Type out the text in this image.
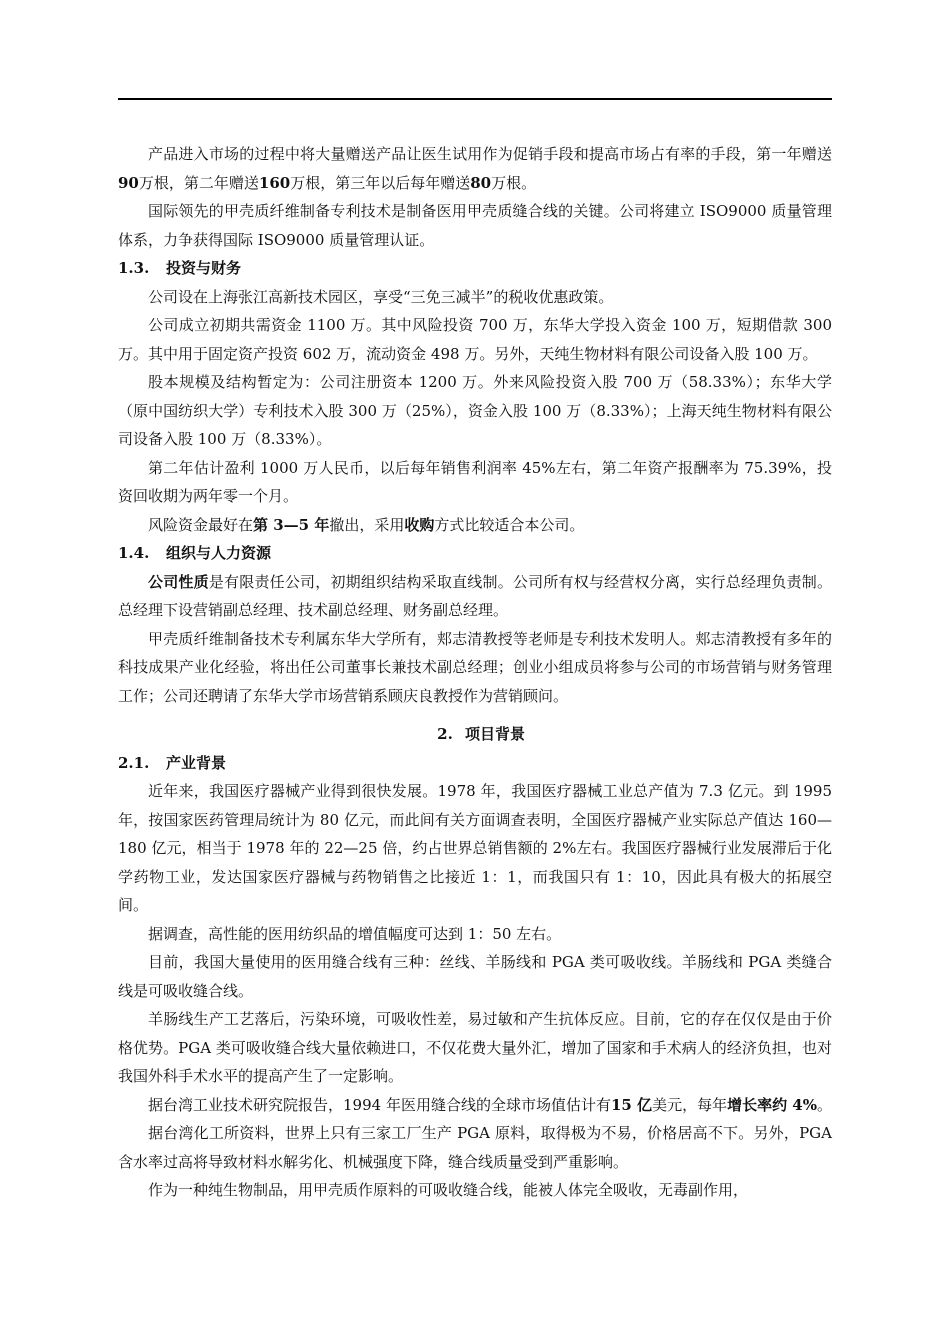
产品进入市场的过程中将大量赠送产品让医生试用作为促销手段和提高市场占有率的手段，第一年赠送90万根，第二年赠送160万根，第三年以后每年赠送80万根。

国际领先的甲壳质纤维制备专利技术是制备医用甲壳质缝合线的关键。公司将建立 ISO9000 质量管理体系，力争获得国际 ISO9000 质量管理认证。

1.3. 投资与财务

公司设在上海张江高新技术园区，享受“三免三减半”的税收优惠政策。

公司成立初期共需资金 1100 万。其中风险投资 700 万，东华大学投入资金 100 万，短期借款 300 万。其中用于固定资产投资 602 万，流动资金 498 万。另外，天纯生物材料有限公司设备入股 100 万。

股本规模及结构暂定为：公司注册资本 1200 万。外来风险投资入股 700 万（58.33%）；东华大学（原中国纺织大学）专利技术入股 300 万（25%），资金入股 100 万（8.33%）；上海天纯生物材料有限公司设备入股 100 万（8.33%）。

第二年估计盈利 1000 万人民币，以后每年销售利润率 45%左右，第二年资产报酬率为 75.39%，投资回收期为两年零一个月。

风险资金最好在第 3—5 年撤出，采用收购方式比较适合本公司。

1.4. 组织与人力资源

公司性质是有限责任公司，初期组织结构采取直线制。公司所有权与经营权分离，实行总经理负责制。总经理下设营销副总经理、技术副总经理、财务副总经理。

甲壳质纤维制备技术专利属东华大学所有，郏志清教授等老师是专利技术发明人。郏志清教授有多年的科技成果产业化经验，将出任公司董事长兼技术副总经理；创业小组成员将参与公司的市场营销与财务管理工作；公司还聘请了东华大学市场营销系顾庆良教授作为营销顾问。

2. 项目背景
2.1. 产业背景

近年来，我国医疗器械产业得到很快发展。1978 年，我国医疗器械工业总产值为 7.3 亿元。到 1995 年，按国家医药管理局统计为 80 亿元，而此间有关方面调查表明，全国医疗器械产业实际总产值达 160—180 亿元，相当于 1978 年的 22—25 倍，约占世界总销售额的 2%左右。我国医疗器械行业发展滞后于化学药物工业，发达国家医疗器械与药物销售之比接近 1：1，而我国只有 1：10，因此具有极大的拓展空间。

据调查，高性能的医用纺织品的增值幅度可达到 1：50 左右。

目前，我国大量使用的医用缝合线有三种：丝线、羊肠线和 PGA 类可吸收线。羊肠线和 PGA 类缝合线是可吸收缝合线。

羊肠线生产工艺落后，污染环境，可吸收性差，易过敏和产生抗体反应。目前，它的存在仅仅是由于价格优势。PGA 类可吸收缝合线大量依赖进口，不仅花费大量外汇，增加了国家和手术病人的经济负担，也对我国外科手术水平的提高产生了一定影响。

据台湾工业技术研究院报告，1994 年医用缝合线的全球市场值估计有15 亿美元，每年增长率约 4%。

据台湾化工所资料，世界上只有三家工厂生产 PGA 原料，取得极为不易，价格居高不下。另外，PGA 含水率过高将导致材料水解劣化、机械强度下降，缝合线质量受到严重影响。

作为一种纯生物制品，用甲壳质作原料的可吸收缝合线，能被人体完全吸收，无毒副作用，
